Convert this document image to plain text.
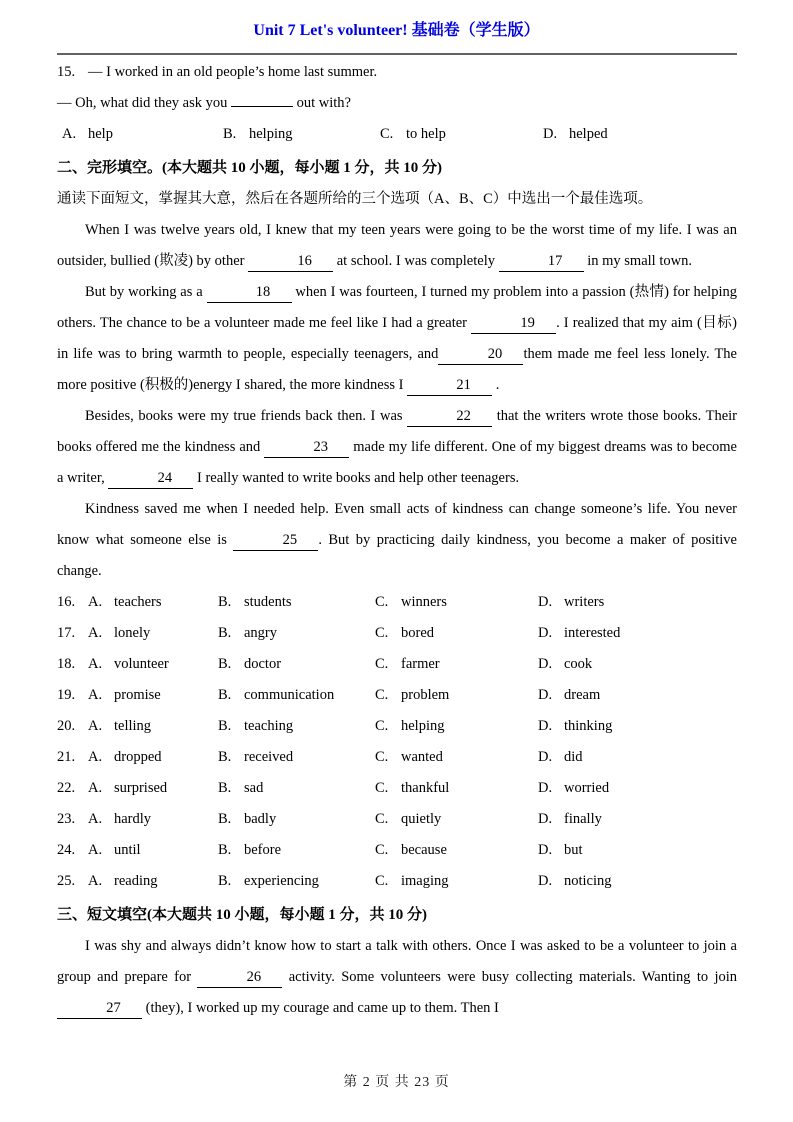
Unit 7 Let's volunteer! 基础卷（学生版）
15. — I worked in an old people’s home last summer.
— Oh, what did they ask you	out with?
A. help	B. helping	C. to help	D. helped
二、完形填空。(本大题共 10 小题，每小题 1 分，共 10 分)
通读下面短文，掌握其大意，然后在各题所给的三个选项（A、B、C）中选出一个最佳选项。

When I was twelve years old, I knew that my teen years were going to be the worst time of my life. I was an outsider, bullied (欺凌) by other	16 at school. I was completely	17 in my small town.

But by working as a	18 when I was fourteen, I turned my problem into a passion (热情) for helping others. The chance to be a volunteer made me feel like I had a greater	19 . I realized that my aim (目标) in life was to bring warmth to people, especially teenagers, and	20 them made me feel less lonely. The more positive (积极的)energy I shared, the more kindness I	21 .

Besides, books were my true friends back then. I was	22 that the writers wrote those books. Their books offered me the kindness and	23 made my life different. One of my biggest dreams was to become a writer,	24 I really wanted to write books and help other teenagers.

Kindness saved me when I needed help. Even small acts of kindness can change someone’s life. You never know what someone else is	25 . But by practicing daily kindness, you become a maker of positive change.

16. A. teachers	B. students	C. winners	D. writers
17. A. lonely	B. angry	C. bored	D. interested
18. A. volunteer	B. doctor	C. farmer	D. cook
19. A. promise	B. communication	C. problem	D. dream
20. A. telling	B. teaching	C. helping	D. thinking
21. A. dropped	B. received	C. wanted	D. did
22. A. surprised	B. sad	C. thankful	D. worried
23. A. hardly	B. badly	C. quietly	D. finally
24. A. until	B. before	C. because	D. but
25. A. reading	B. experiencing	C. imaging	D. noticing
三、短文填空(本大题共 10 小题，每小题 1 分，共 10 分)

I was shy and always didn’t know how to start a talk with others. Once I was asked to be a volunteer to join a group and prepare for	26 activity. Some volunteers were busy collecting materials. Wanting to join 27 (they), I worked up my courage and came up to them. Then I

第 2 页 共 23 页
